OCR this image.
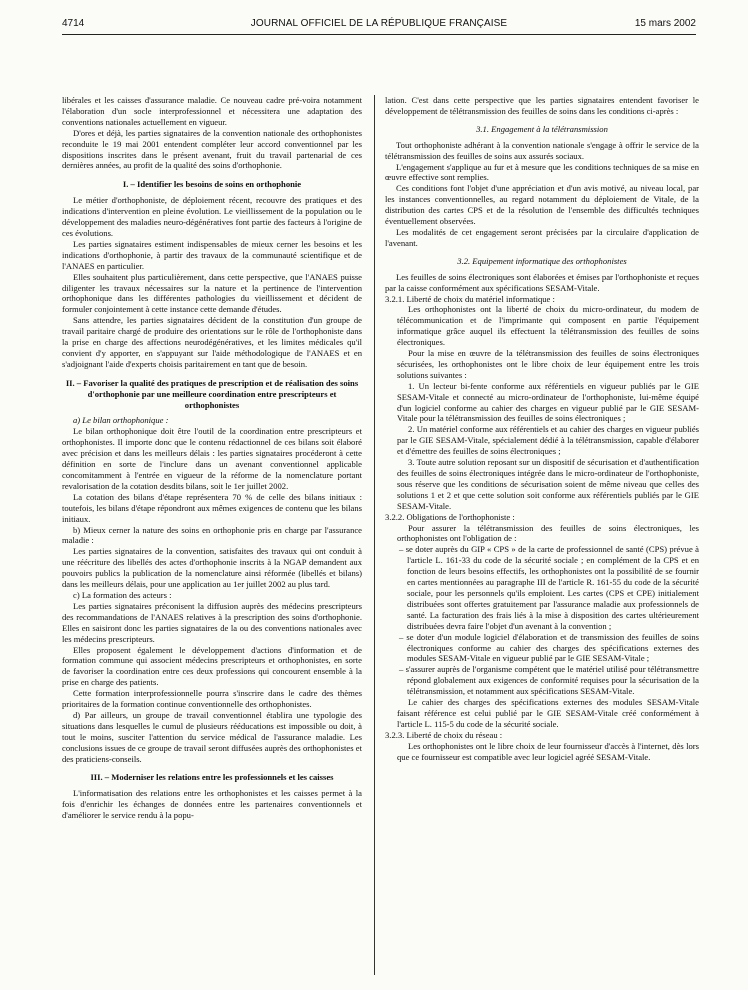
4714	JOURNAL OFFICIEL DE LA RÉPUBLIQUE FRANÇAISE	15 mars 2002

libérales et les caisses d'assurance maladie. Ce nouveau cadre pré-voira notamment l'élaboration d'un socle interprofessionnel et nécessitera une adaptation des conventions nationales actuellement en vigueur.

D'ores et déjà, les parties signataires de la convention nationale des orthophonistes reconduite le 19 mai 2001 entendent compléter leur accord conventionnel par les dispositions inscrites dans le présent avenant, fruit du travail partenarial de ces dernières années, au profit de la qualité des soins d'orthophonie.

I. – Identifier les besoins de soins en orthophonie

Le métier d'orthophoniste, de déploiement récent, recouvre des pratiques et des indications d'intervention en pleine évolution. Le vieillissement de la population ou le développement des maladies neuro-dégénératives font partie des facteurs à l'origine de ces évolutions.

Les parties signataires estiment indispensables de mieux cerner les besoins et les indications d'orthophonie, à partir des travaux de la communauté scientifique et de l'ANAES en particulier.

Elles souhaitent plus particulièrement, dans cette perspective, que l'ANAES puisse diligenter les travaux nécessaires sur la nature et la pertinence de l'intervention orthophonique dans les différentes pathologies du vieillissement et décident de formuler conjointement à cette instance cette demande d'études.

Sans attendre, les parties signataires décident de la constitution d'un groupe de travail paritaire chargé de produire des orientations sur le rôle de l'orthophoniste dans la prise en charge des affections neurodégénératives, et les limites médicales qu'il convient d'y apporter, en s'appuyant sur l'aide méthodologique de l'ANAES et en s'adjoignant l'aide d'experts choisis paritairement en tant que de besoin.

II. – Favoriser la qualité des pratiques de prescription et de réalisation des soins d'orthophonie par une meilleure coordination entre prescripteurs et orthophonistes

a) Le bilan orthophonique :

Le bilan orthophonique doit être l'outil de la coordination entre prescripteurs et orthophonistes. Il importe donc que le contenu rédactionnel de ces bilans soit élaboré avec précision et dans les meilleurs délais : les parties signataires procéderont à cette définition en sorte de l'inclure dans un avenant conventionnel applicable concomitamment à l'entrée en vigueur de la réforme de la nomenclature portant revalorisation de la cotation desdits bilans, soit le 1er juillet 2002.

La cotation des bilans d'étape représentera 70 % de celle des bilans initiaux : toutefois, les bilans d'étape répondront aux mêmes exigences de contenu que les bilans initiaux.

b) Mieux cerner la nature des soins en orthophonie pris en charge par l'assurance maladie :

Les parties signataires de la convention, satisfaites des travaux qui ont conduit à une réécriture des libellés des actes d'orthophonie inscrits à la NGAP demandent aux pouvoirs publics la publication de la nomenclature ainsi réformée (libellés et bilans) dans les meilleurs délais, pour une application au 1er juillet 2002 au plus tard.

c) La formation des acteurs :

Les parties signataires préconisent la diffusion auprès des médecins prescripteurs des recommandations de l'ANAES relatives à la prescription des soins d'orthophonie. Elles en saisiront donc les parties signataires de la ou des conventions nationales avec les médecins prescripteurs.

Elles proposent également le développement d'actions d'information et de formation commune qui associent médecins prescripteurs et orthophonistes, en sorte de favoriser la coordination entre ces deux professions qui concourent ensemble à la prise en charge des patients.

Cette formation interprofessionnelle pourra s'inscrire dans le cadre des thèmes prioritaires de la formation continue conventionnelle des orthophonistes.

d) Par ailleurs, un groupe de travail conventionnel établira une typologie des situations dans lesquelles le cumul de plusieurs rééducations est impossible ou doit, à tout le moins, susciter l'attention du service médical de l'assurance maladie. Les conclusions issues de ce groupe de travail seront diffusées auprès des orthophonistes et des praticiens-conseils.

III. – Moderniser les relations entre les professionnels et les caisses

L'informatisation des relations entre les orthophonistes et les caisses permet à la fois d'enrichir les échanges de données entre les partenaires conventionnels et d'améliorer le service rendu à la popu-

lation. C'est dans cette perspective que les parties signataires entendent favoriser le développement de télétransmission des feuilles de soins dans les conditions ci-après :

3.1. Engagement à la télétransmission

Tout orthophoniste adhérant à la convention nationale s'engage à offrir le service de la télétransmission des feuilles de soins aux assurés sociaux.

L'engagement s'applique au fur et à mesure que les conditions techniques de sa mise en œuvre effective sont remplies.

Ces conditions font l'objet d'une appréciation et d'un avis motivé, au niveau local, par les instances conventionnelles, au regard notamment du déploiement de Vitale, de la distribution des cartes CPS et de la résolution de l'ensemble des difficultés techniques éventuellement observées.

Les modalités de cet engagement seront précisées par la circulaire d'application de l'avenant.

3.2. Equipement informatique des orthophonistes

Les feuilles de soins électroniques sont élaborées et émises par l'orthophoniste et reçues par la caisse conformément aux spécifications SESAM-Vitale.

3.2.1. Liberté de choix du matériel informatique :

Les orthophonistes ont la liberté de choix du micro-ordinateur, du modem de télécommunication et de l'imprimante qui composent en partie l'équipement informatique grâce auquel ils effectuent la télétransmission des feuilles de soins électroniques.

Pour la mise en œuvre de la télétransmission des feuilles de soins électroniques sécurisées, les orthophonistes ont le libre choix de leur équipement entre les trois solutions suivantes :

1. Un lecteur bi-fente conforme aux référentiels en vigueur publiés par le GIE SESAM-Vitale et connecté au micro-ordinateur de l'orthophoniste, lui-même équipé d'un logiciel conforme au cahier des charges en vigueur publié par le GIE SESAM-Vitale pour la télétransmission des feuilles de soins électroniques ;

2. Un matériel conforme aux référentiels et au cahier des charges en vigueur publiés par le GIE SESAM-Vitale, spécialement dédié à la télétransmission, capable d'élaborer et d'émettre des feuilles de soins électroniques ;

3. Toute autre solution reposant sur un dispositif de sécurisation et d'authentification des feuilles de soins électroniques intégrée dans le micro-ordinateur de l'orthophoniste, sous réserve que les conditions de sécurisation soient de même niveau que celles des solutions 1 et 2 et que cette solution soit conforme aux référentiels publiés par le GIE SESAM-Vitale.

3.2.2. Obligations de l'orthophoniste :

Pour assurer la télétransmission des feuilles de soins électroniques, les orthophonistes ont l'obligation de :

– se doter auprès du GIP « CPS » de la carte de professionnel de santé (CPS) prévue à l'article L. 161-33 du code de la sécurité sociale ; en complément de la CPS et en fonction de leurs besoins effectifs, les orthophonistes ont la possibilité de se fournir en cartes mentionnées au paragraphe III de l'article R. 161-55 du code de la sécurité sociale, pour les personnels qu'ils emploient. Les cartes (CPS et CPE) initialement distribuées sont offertes gratuitement par l'assurance maladie aux professionnels de santé. La facturation des frais liés à la mise à disposition des cartes ultérieurement distribuées devra faire l'objet d'un avenant à la convention ;

– se doter d'un module logiciel d'élaboration et de transmission des feuilles de soins électroniques conforme au cahier des charges des spécifications externes des modules SESAM-Vitale en vigueur publié par le GIE SESAM-Vitale ;

– s'assurer auprès de l'organisme compétent que le matériel utilisé pour télétransmettre répond globalement aux exigences de conformité requises pour la sécurisation de la télétransmission, et notamment aux spécifications SESAM-Vitale.

Le cahier des charges des spécifications externes des modules SESAM-Vitale faisant référence est celui publié par le GIE SESAM-Vitale créé conformément à l'article L. 115-5 du code de la sécurité sociale.

3.2.3. Liberté de choix du réseau :

Les orthophonistes ont le libre choix de leur fournisseur d'accès à l'internet, dès lors que ce fournisseur est compatible avec leur logiciel agréé SESAM-Vitale.
